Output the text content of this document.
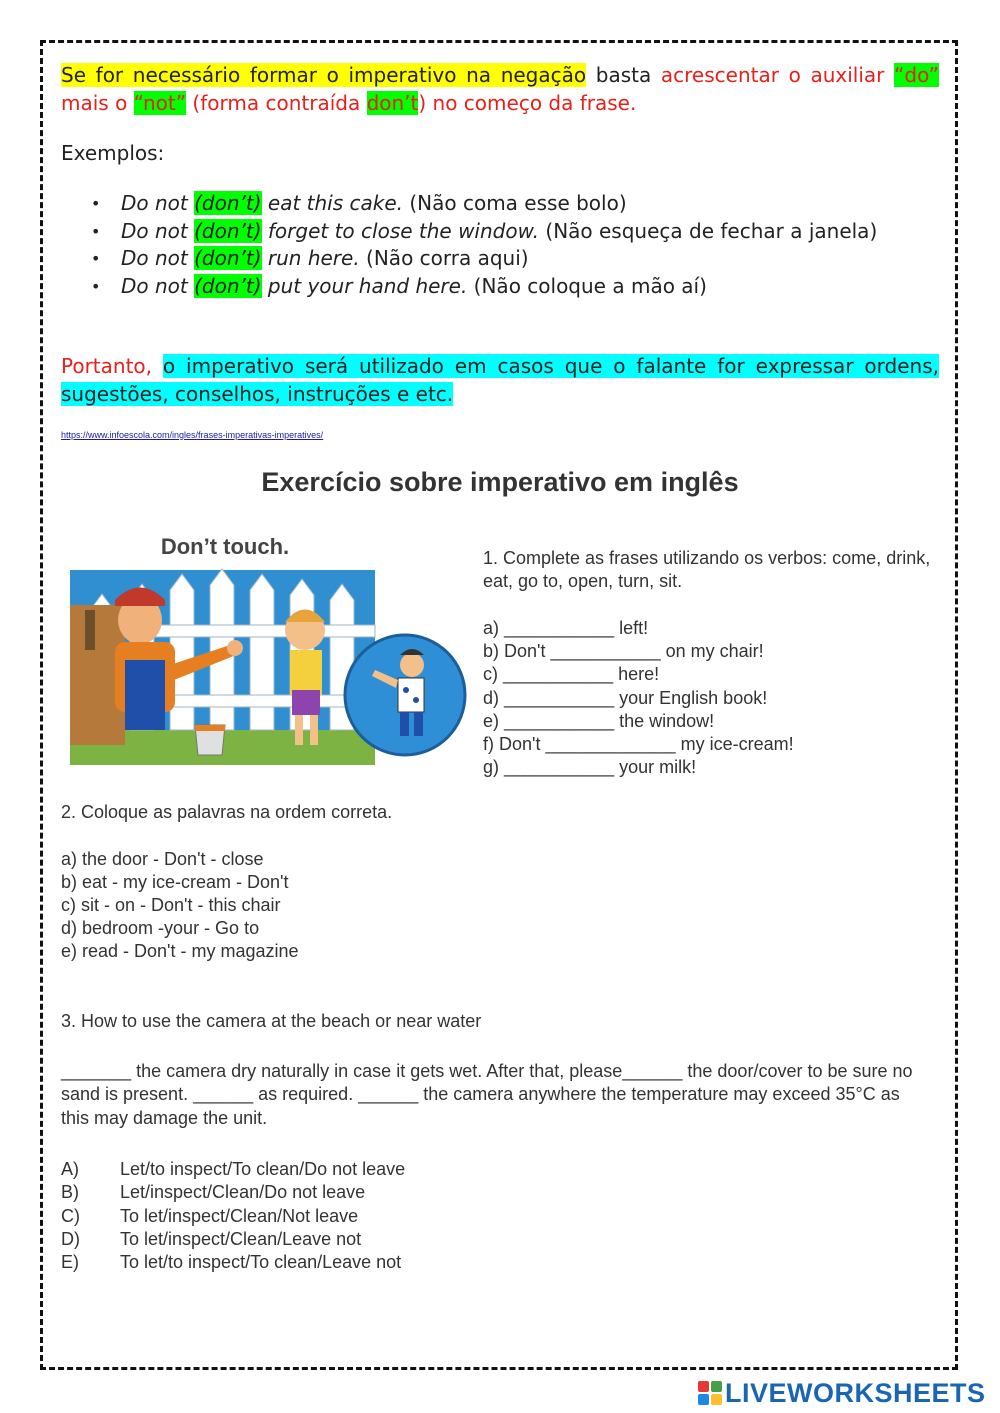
Se for necessário formar o imperativo na negação basta acrescentar o auxiliar “do” mais o “not” (forma contraída don’t) no começo da frase.
Exemplos:
• Do not (don’t) eat this cake. (Não coma esse bolo)
• Do not (don’t) forget to close the window. (Não esqueça de fechar a janela)
• Do not (don’t) run here. (Não corra aqui)
• Do not (don’t) put your hand here. (Não coloque a mão aí)
Portanto, o imperativo será utilizado em casos que o falante for expressar ordens, sugestões, conselhos, instruções e etc.
https://www.infoescola.com/ingles/frases-imperativas-imperatives/
Exercício sobre imperativo em inglês
Don’t touch.	1. Complete as frases utilizando os verbos: come, drink, eat, go to, open, turn, sit.
a) ___________ left!
b) Don't ___________ on my chair!
c) ___________ here!
d) ___________ your English book!
e) ___________ the window!
f) Don't _____________ my ice-cream!
g) ___________ your milk!
2. Coloque as palavras na ordem correta.
a) the door - Don't - close
b) eat - my ice-cream - Don't
c) sit - on - Don't - this chair
d) bedroom -your - Go to
e) read - Don't - my magazine
3. How to use the camera at the beach or near water
_______ the camera dry naturally in case it gets wet. After that, please______ the door/cover to be sure no sand is present. ______ as required. ______ the camera anywhere the temperature may exceed 35°C as this may damage the unit.
A)	Let/to inspect/To clean/Do not leave
B)	Let/inspect/Clean/Do not leave
C)	To let/inspect/Clean/Not leave
D)	To let/inspect/Clean/Leave not
E)	To let/to inspect/To clean/Leave not
LIVEWORKSHEETS
